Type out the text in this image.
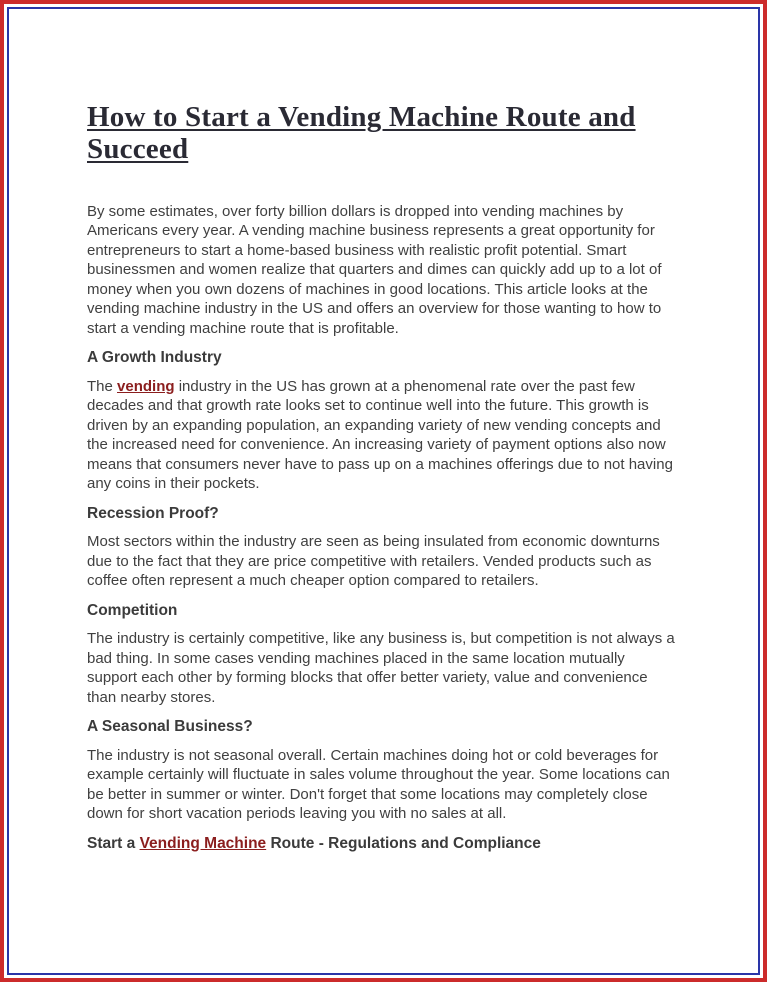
How to Start a Vending Machine Route and Succeed

By some estimates, over forty billion dollars is dropped into vending machines by Americans every year. A vending machine business represents a great opportunity for entrepreneurs to start a home-based business with realistic profit potential. Smart businessmen and women realize that quarters and dimes can quickly add up to a lot of money when you own dozens of machines in good locations. This article looks at the vending machine industry in the US and offers an overview for those wanting to how to start a vending machine route that is profitable.

A Growth Industry

The vending industry in the US has grown at a phenomenal rate over the past few decades and that growth rate looks set to continue well into the future. This growth is driven by an expanding population, an expanding variety of new vending concepts and the increased need for convenience. An increasing variety of payment options also now means that consumers never have to pass up on a machines offerings due to not having any coins in their pockets.

Recession Proof?

Most sectors within the industry are seen as being insulated from economic downturns due to the fact that they are price competitive with retailers. Vended products such as coffee often represent a much cheaper option compared to retailers.

Competition

The industry is certainly competitive, like any business is, but competition is not always a bad thing. In some cases vending machines placed in the same location mutually support each other by forming blocks that offer better variety, value and convenience than nearby stores.

A Seasonal Business?

The industry is not seasonal overall. Certain machines doing hot or cold beverages for example certainly will fluctuate in sales volume throughout the year. Some locations can be better in summer or winter. Don't forget that some locations may completely close down for short vacation periods leaving you with no sales at all.

Start a Vending Machine Route - Regulations and Compliance
